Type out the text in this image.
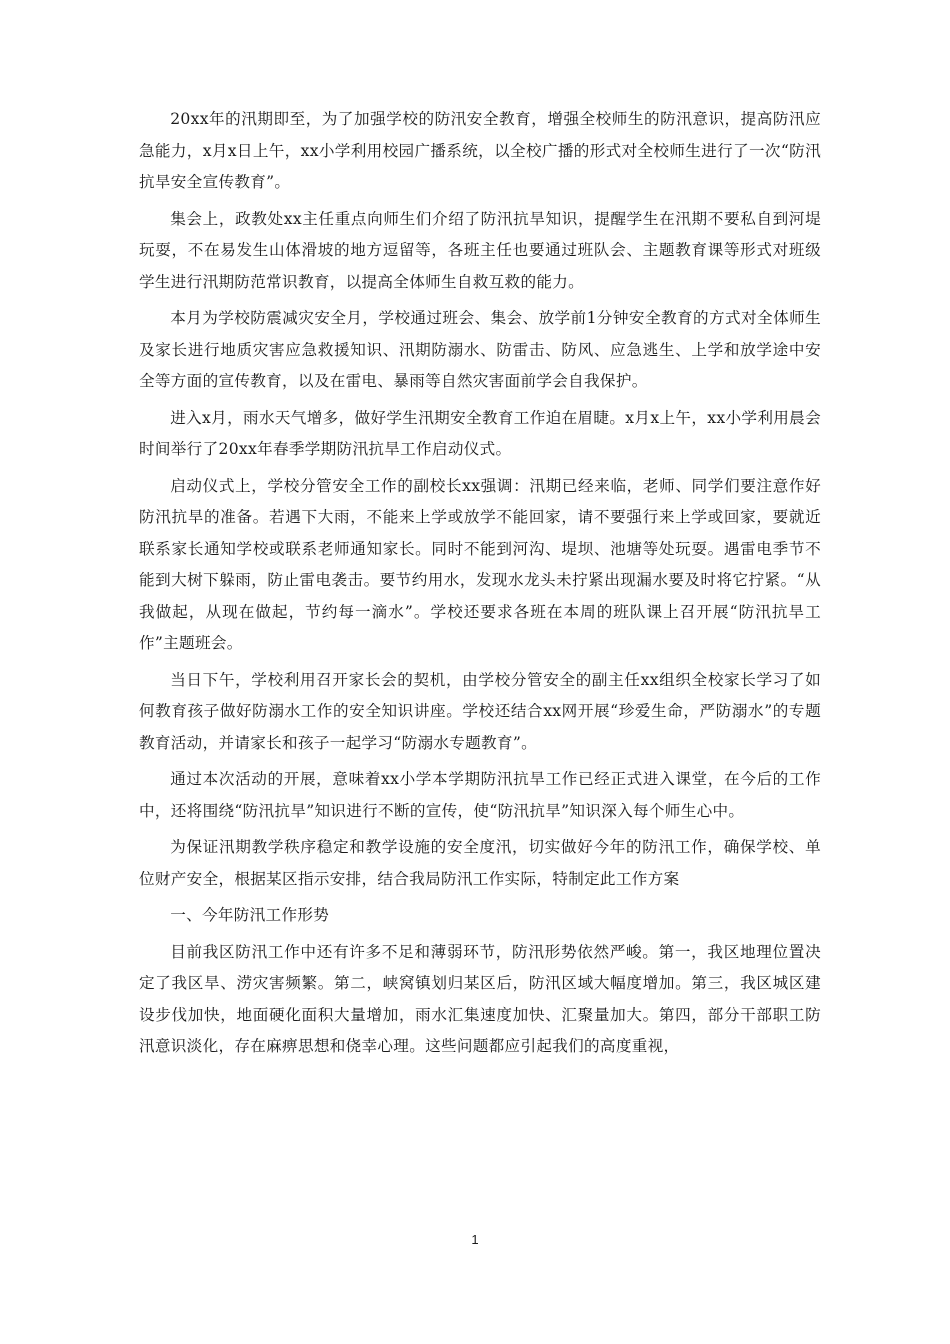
20xx年的汛期即至，为了加强学校的防汛安全教育，增强全校师生的防汛意识，提高防汛应急能力，x月x日上午，xx小学利用校园广播系统，以全校广播的形式对全校师生进行了一次“防汛抗旱安全宣传教育”。

集会上，政教处xx主任重点向师生们介绍了防汛抗旱知识，提醒学生在汛期不要私自到河堤玩耍，不在易发生山体滑坡的地方逗留等，各班主任也要通过班队会、主题教育课等形式对班级学生进行汛期防范常识教育，以提高全体师生自救互救的能力。

本月为学校防震减灾安全月，学校通过班会、集会、放学前1分钟安全教育的方式对全体师生及家长进行地质灾害应急救援知识、汛期防溺水、防雷击、防风、应急逃生、上学和放学途中安全等方面的宣传教育，以及在雷电、暴雨等自然灾害面前学会自我保护。

进入x月，雨水天气增多，做好学生汛期安全教育工作迫在眉睫。x月x上午，xx小学利用晨会时间举行了20xx年春季学期防汛抗旱工作启动仪式。

启动仪式上，学校分管安全工作的副校长xx强调：汛期已经来临，老师、同学们要注意作好防汛抗旱的准备。若遇下大雨，不能来上学或放学不能回家，请不要强行来上学或回家，要就近联系家长通知学校或联系老师通知家长。同时不能到河沟、堤坝、池塘等处玩耍。遇雷电季节不能到大树下躲雨，防止雷电袭击。要节约用水，发现水龙头未拧紧出现漏水要及时将它拧紧。“从我做起，从现在做起，节约每一滴水”。学校还要求各班在本周的班队课上召开展“防汛抗旱工作”主题班会。

当日下午，学校利用召开家长会的契机，由学校分管安全的副主任xx组织全校家长学习了如何教育孩子做好防溺水工作的安全知识讲座。学校还结合xx网开展“珍爱生命，严防溺水”的专题教育活动，并请家长和孩子一起学习“防溺水专题教育”。

通过本次活动的开展，意味着xx小学本学期防汛抗旱工作已经正式进入课堂，在今后的工作中，还将围绕“防汛抗旱”知识进行不断的宣传，使“防汛抗旱”知识深入每个师生心中。

为保证汛期教学秩序稳定和教学设施的安全度汛，切实做好今年的防汛工作，确保学校、单位财产安全，根据某区指示安排，结合我局防汛工作实际，特制定此工作方案

一、今年防汛工作形势

目前我区防汛工作中还有许多不足和薄弱环节，防汛形势依然严峻。第一，我区地理位置决定了我区旱、涝灾害频繁。第二，峡窝镇划归某区后，防汛区域大幅度增加。第三，我区城区建设步伐加快，地面硬化面积大量增加，雨水汇集速度加快、汇聚量加大。第四，部分干部职工防汛意识淡化，存在麻痹思想和侥幸心理。这些问题都应引起我们的高度重视，

1
